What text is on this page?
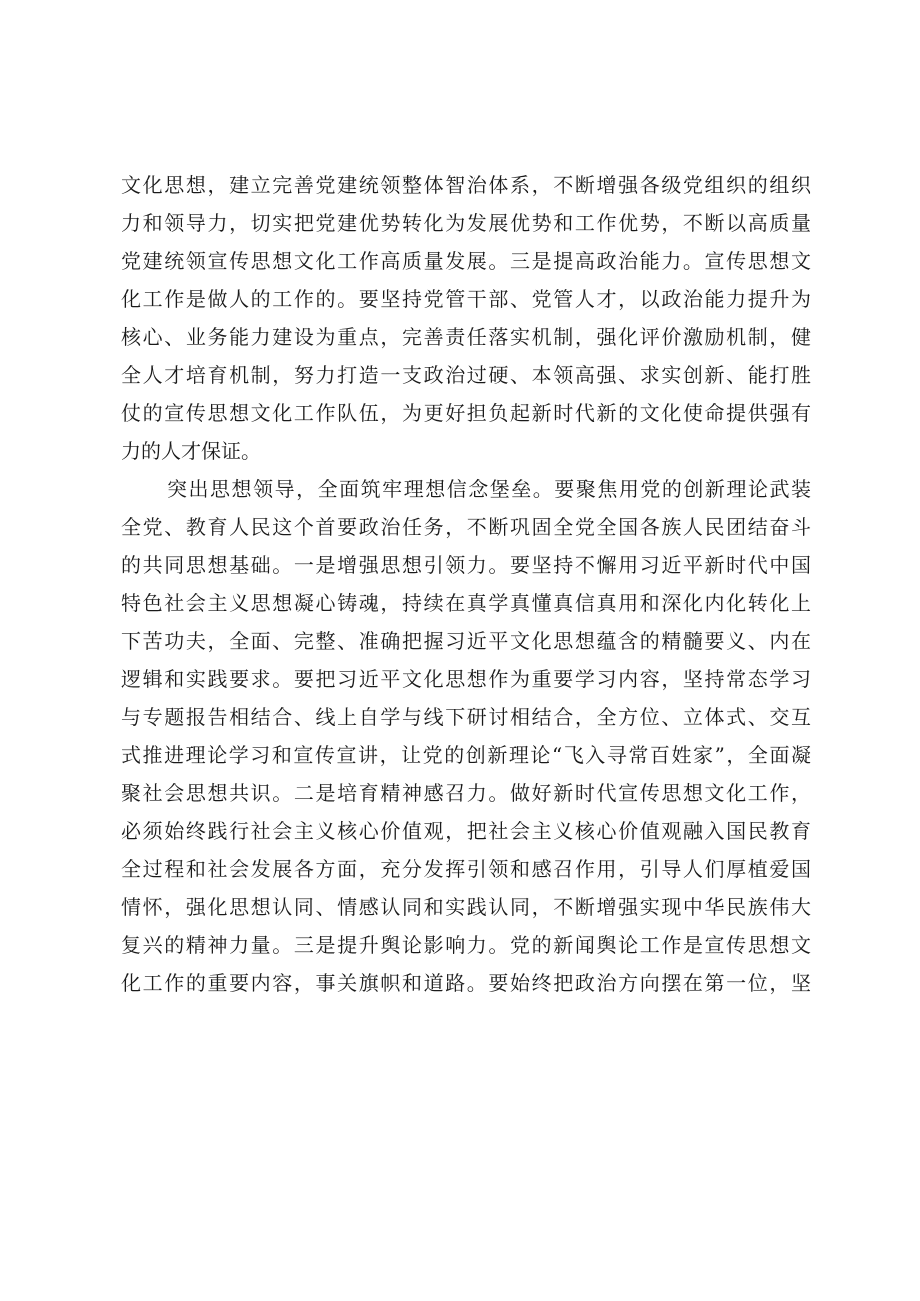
文化思想，建立完善党建统领整体智治体系，不断增强各级党组织的组织
力和领导力，切实把党建优势转化为发展优势和工作优势，不断以高质量
党建统领宣传思想文化工作高质量发展。三是提高政治能力。宣传思想文
化工作是做人的工作的。要坚持党管干部、党管人才，以政治能力提升为
核心、业务能力建设为重点，完善责任落实机制，强化评价激励机制，健
全人才培育机制，努力打造一支政治过硬、本领高强、求实创新、能打胜
仗的宣传思想文化工作队伍，为更好担负起新时代新的文化使命提供强有
力的人才保证。
突出思想领导，全面筑牢理想信念堡垒。要聚焦用党的创新理论武装
全党、教育人民这个首要政治任务，不断巩固全党全国各族人民团结奋斗
的共同思想基础。一是增强思想引领力。要坚持不懈用习近平新时代中国
特色社会主义思想凝心铸魂，持续在真学真懂真信真用和深化内化转化上
下苦功夫，全面、完整、准确把握习近平文化思想蕴含的精髓要义、内在
逻辑和实践要求。要把习近平文化思想作为重要学习内容，坚持常态学习
与专题报告相结合、线上自学与线下研讨相结合，全方位、立体式、交互
式推进理论学习和宣传宣讲，让党的创新理论“飞入寻常百姓家”，全面凝
聚社会思想共识。二是培育精神感召力。做好新时代宣传思想文化工作，
必须始终践行社会主义核心价值观，把社会主义核心价值观融入国民教育
全过程和社会发展各方面，充分发挥引领和感召作用，引导人们厚植爱国
情怀，强化思想认同、情感认同和实践认同，不断增强实现中华民族伟大
复兴的精神力量。三是提升舆论影响力。党的新闻舆论工作是宣传思想文
化工作的重要内容，事关旗帜和道路。要始终把政治方向摆在第一位，坚
